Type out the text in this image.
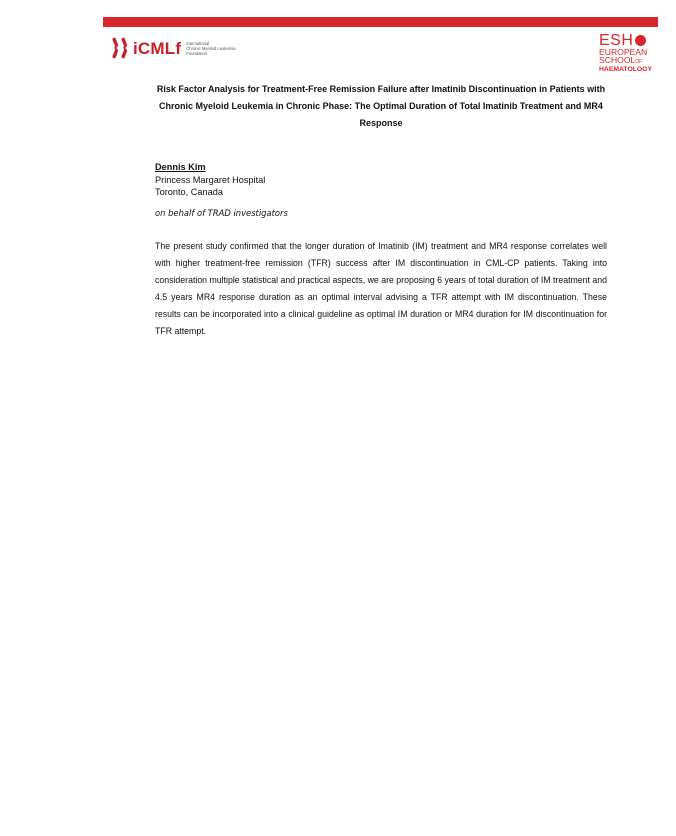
iCMLf International
Chronic Myeloid Leukemia
Foundation
ESH
EUROPEAN
SCHOOLOF
HAEMATOLOGY

Risk Factor Analysis for Treatment-Free Remission Failure after Imatinib Discontinuation in Patients with Chronic Myeloid Leukemia in Chronic Phase: The Optimal Duration of Total Imatinib Treatment and MR4 Response

Dennis Kim
Princess Margaret Hospital
Toronto, Canada
on behalf of TRAD investigators

The present study confirmed that the longer duration of Imatinib (IM) treatment and MR4 response correlates well with higher treatment-free remission (TFR) success after IM discontinuation in CML-CP patients. Taking into consideration multiple statistical and practical aspects, we are proposing 6 years of total duration of IM treatment and 4.5 years MR4 response duration as an optimal interval advising a TFR attempt with IM discontinuation. These results can be incorporated into a clinical guideline as optimal IM duration or MR4 duration for IM discontinuation for TFR attempt.
